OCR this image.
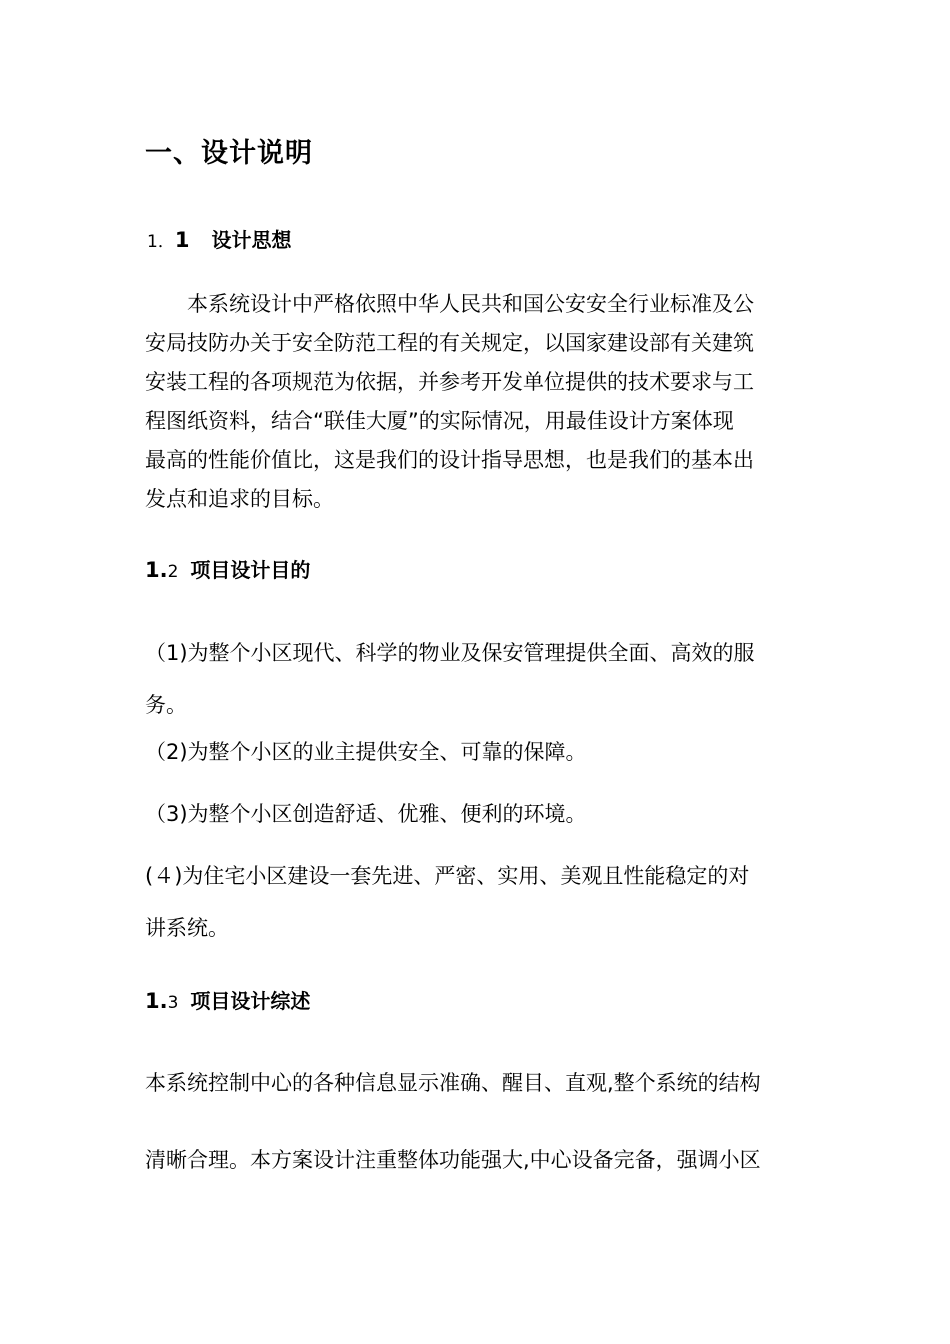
一、设计说明
1．1 设计思想
本系统设计中严格依照中华人民共和国公安安全行业标准及公
安局技防办关于安全防范工程的有关规定，以国家建设部有关建筑
安装工程的各项规范为依据，并参考开发单位提供的技术要求与工
程图纸资料，结合“联佳大厦”的实际情况，用最佳设计方案体现
最高的性能价值比，这是我们的设计指导思想，也是我们的基本出
发点和追求的目标。
1.2 项目设计目的
（1)为整个小区现代、科学的物业及保安管理提供全面、高效的服
务。
（2)为整个小区的业主提供安全、可靠的保障。
（3)为整个小区创造舒适、优雅、便利的环境。
(４)为住宅小区建设一套先进、严密、实用、美观且性能稳定的对
讲系统。
1.3 项目设计综述
本系统控制中心的各种信息显示准确、醒目、直观,整个系统的结构
清晰合理。本方案设计注重整体功能强大,中心设备完备，强调小区
